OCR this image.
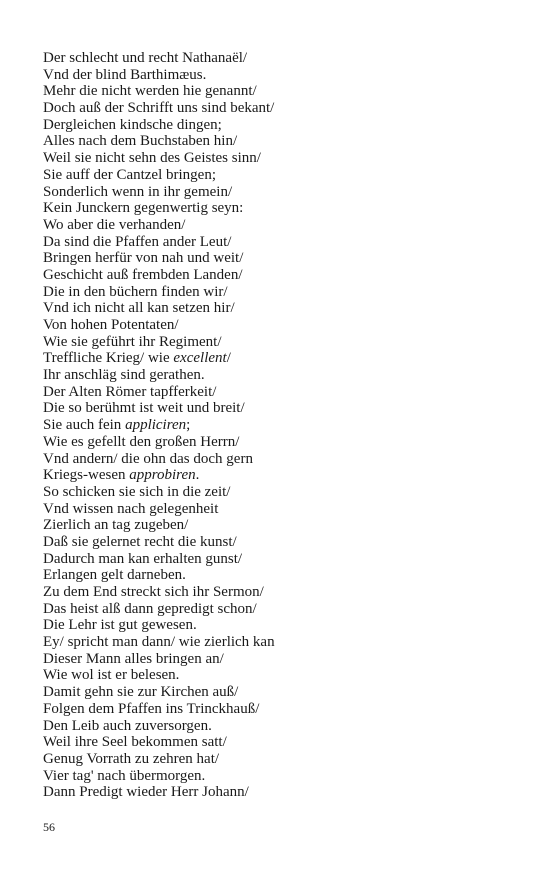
Der schlecht und recht Nathanaël/
Vnd der blind Barthimæus.
Mehr die nicht werden hie genannt/
Doch auß der Schrifft uns sind bekant/
Dergleichen kindsche dingen;
Alles nach dem Buchstaben hin/
Weil sie nicht sehn des Geistes sinn/
Sie auff der Cantzel bringen;
Sonderlich wenn in ihr gemein/
Kein Junckern gegenwertig seyn:
Wo aber die verhanden/
Da sind die Pfaffen ander Leut/
Bringen herfür von nah und weit/
Geschicht auß frembden Landen/
Die in den büchern finden wir/
Vnd ich nicht all kan setzen hir/
Von hohen Potentaten/
Wie sie geführt ihr Regiment/
Treffliche Krieg/ wie excellent/
Ihr anschläg sind gerathen.
Der Alten Römer tapfferkeit/
Die so berühmt ist weit und breit/
Sie auch fein appliciren;
Wie es gefellt den großen Herrn/
Vnd andern/ die ohn das doch gern
Kriegs-wesen approbiren.
So schicken sie sich in die zeit/
Vnd wissen nach gelegenheit
Zierlich an tag zugeben/
Daß sie gelernet recht die kunst/
Dadurch man kan erhalten gunst/
Erlangen gelt darneben.
Zu dem End streckt sich ihr Sermon/
Das heist alß dann gepredigt schon/
Die Lehr ist gut gewesen.
Ey/ spricht man dann/ wie zierlich kan
Dieser Mann alles bringen an/
Wie wol ist er belesen.
Damit gehn sie zur Kirchen auß/
Folgen dem Pfaffen ins Trinckhauß/
Den Leib auch zuversorgen.
Weil ihre Seel bekommen satt/
Genug Vorrath zu zehren hat/
Vier tag' nach übermorgen.
Dann Predigt wieder Herr Johann/
56
